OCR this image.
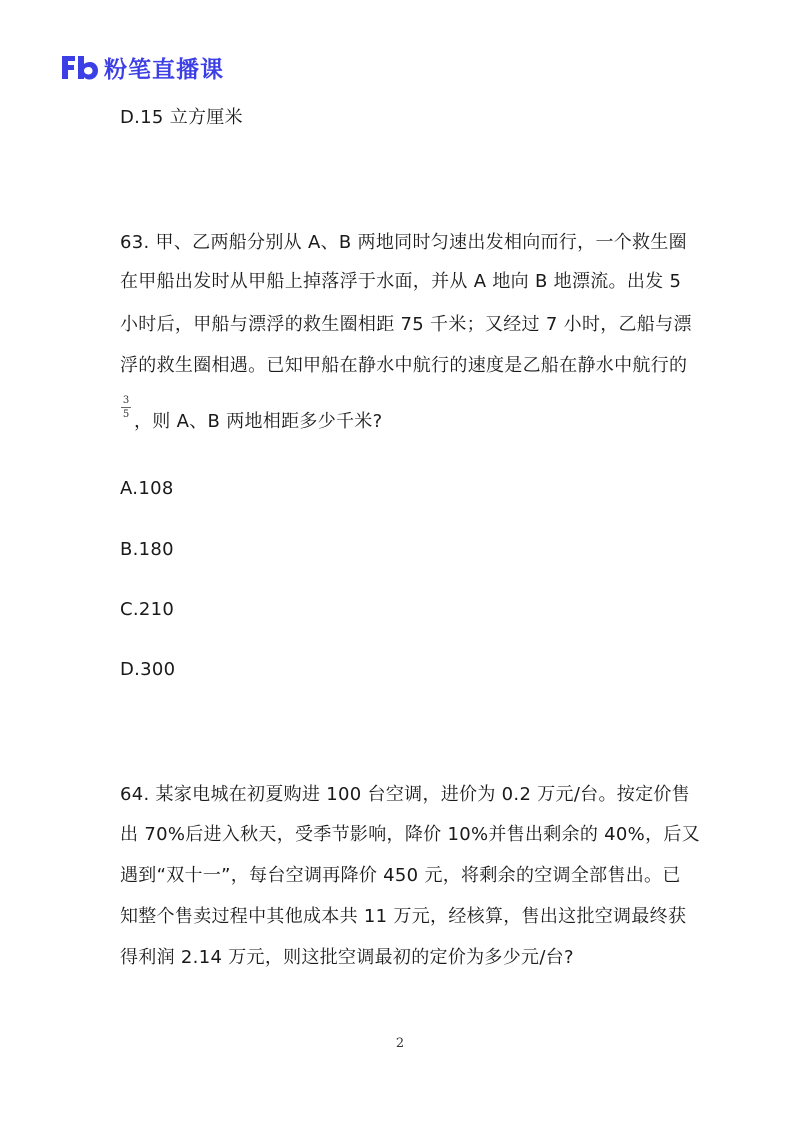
粉笔直播课
D.15 立方厘米
63. 甲、乙两船分别从 A、B 两地同时匀速出发相向而行，一个救生圈
在甲船出发时从甲船上掉落浮于水面，并从 A 地向 B 地漂流。出发 5
小时后，甲船与漂浮的救生圈相距 75 千米；又经过 7 小时，乙船与漂
浮的救生圈相遇。已知甲船在静水中航行的速度是乙船在静水中航行的
3
5 ，则 A、B 两地相距多少千米?
A.108
B.180
C.210
D.300
64. 某家电城在初夏购进 100 台空调，进价为 0.2 万元/台。按定价售
出 70%后进入秋天，受季节影响，降价 10%并售出剩余的 40%，后又
遇到“双十一”，每台空调再降价 450 元，将剩余的空调全部售出。已
知整个售卖过程中其他成本共 11 万元，经核算，售出这批空调最终获
得利润 2.14 万元，则这批空调最初的定价为多少元/台?
2
